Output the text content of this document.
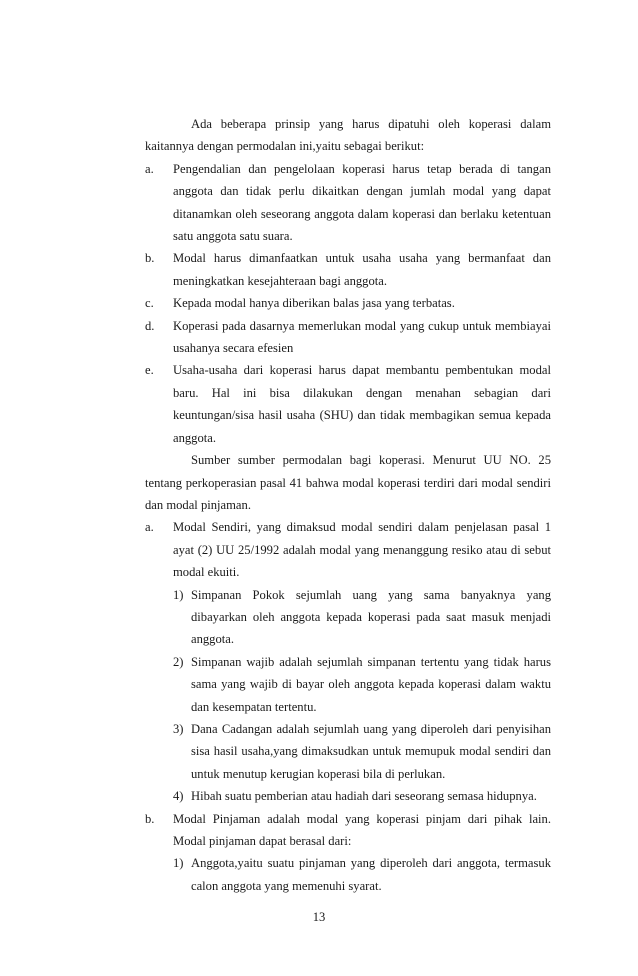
Ada beberapa prinsip yang harus dipatuhi oleh koperasi dalam kaitannya dengan permodalan ini,yaitu sebagai berikut:

a. Pengendalian dan pengelolaan koperasi harus tetap berada di tangan anggota dan tidak perlu dikaitkan dengan jumlah modal yang dapat ditanamkan oleh seseorang anggota dalam koperasi dan berlaku ketentuan satu anggota satu suara.

b. Modal harus dimanfaatkan untuk usaha usaha yang bermanfaat dan meningkatkan kesejahteraan bagi anggota.

c. Kepada modal hanya diberikan balas jasa yang terbatas.

d. Koperasi pada dasarnya memerlukan modal yang cukup untuk membiayai usahanya secara efesien

e. Usaha-usaha dari koperasi harus dapat membantu pembentukan modal baru. Hal ini bisa dilakukan dengan menahan sebagian dari keuntungan/sisa hasil usaha (SHU) dan tidak membagikan semua kepada anggota.

Sumber sumber permodalan bagi koperasi. Menurut UU NO. 25 tentang perkoperasian pasal 41 bahwa modal koperasi terdiri dari modal sendiri dan modal pinjaman.

a. Modal Sendiri, yang dimaksud modal sendiri dalam penjelasan pasal 1 ayat (2) UU 25/1992 adalah modal yang menanggung resiko atau di sebut modal ekuiti.

1) Simpanan Pokok sejumlah uang yang sama banyaknya yang dibayarkan oleh anggota kepada koperasi pada saat masuk menjadi anggota.

2) Simpanan wajib adalah sejumlah simpanan tertentu yang tidak harus sama yang wajib di bayar oleh anggota kepada koperasi dalam waktu dan kesempatan tertentu.

3) Dana Cadangan adalah sejumlah uang yang diperoleh dari penyisihan sisa hasil usaha,yang dimaksudkan untuk memupuk modal sendiri dan untuk menutup kerugian koperasi bila di perlukan.

4) Hibah suatu pemberian atau hadiah dari seseorang semasa hidupnya.

b. Modal Pinjaman adalah modal yang koperasi pinjam dari pihak lain. Modal pinjaman dapat berasal dari:

1) Anggota,yaitu suatu pinjaman yang diperoleh dari anggota, termasuk calon anggota yang memenuhi syarat.

13
